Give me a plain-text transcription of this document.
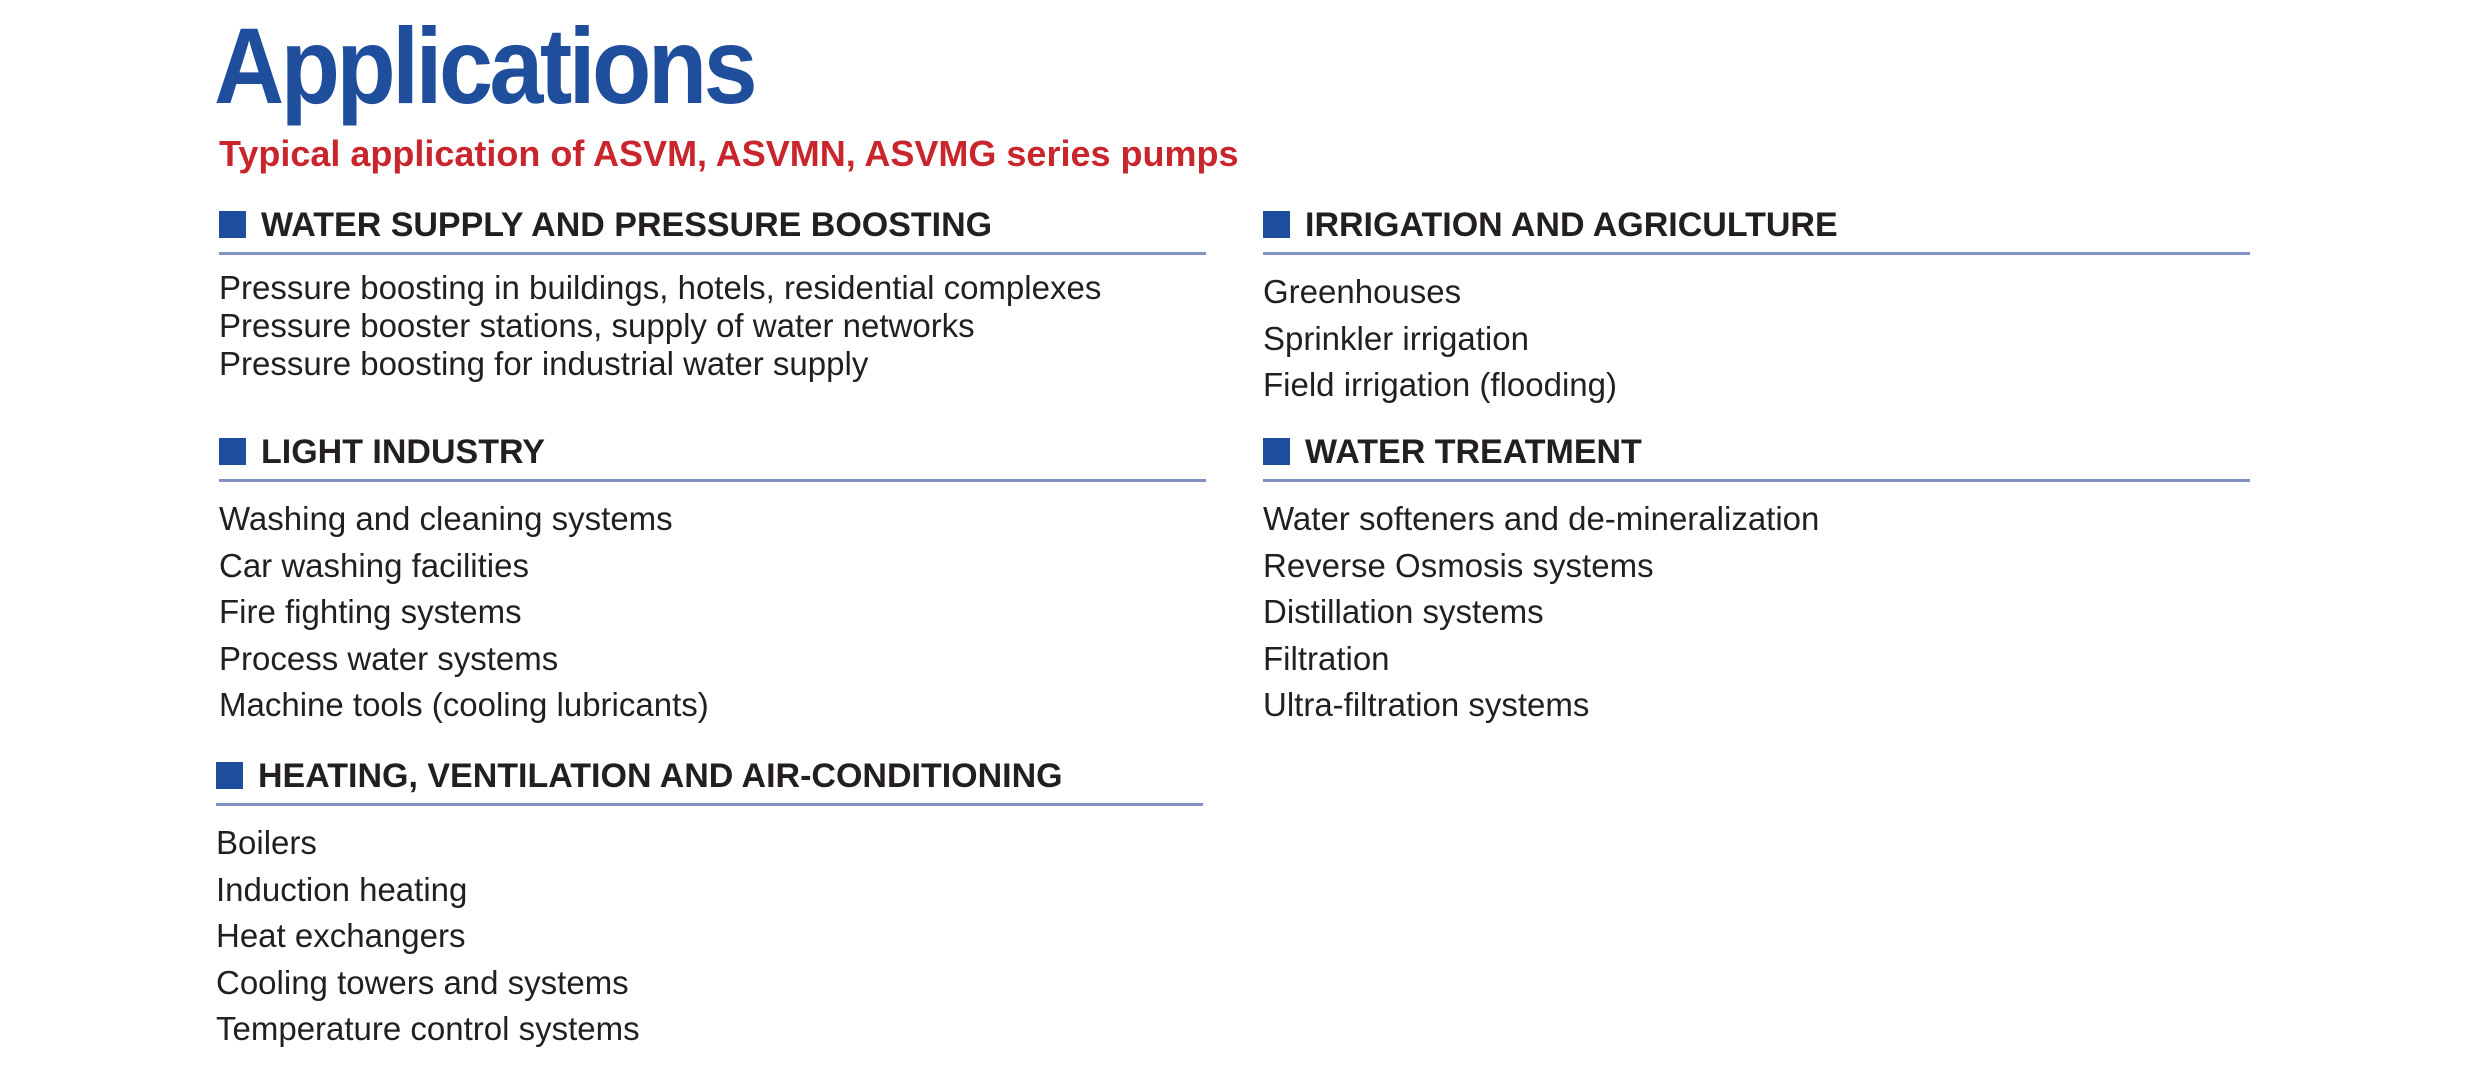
Applications

Typical application of ASVM, ASVMN, ASVMG series pumps

WATER SUPPLY AND PRESSURE BOOSTING
Pressure boosting in buildings, hotels, residential complexes
Pressure booster stations, supply of water networks
Pressure boosting for industrial water supply
LIGHT INDUSTRY
Washing and cleaning systems
Car washing facilities
Fire fighting systems
Process water systems
Machine tools (cooling lubricants)
HEATING, VENTILATION AND AIR-CONDITIONING
Boilers
Induction heating
Heat exchangers
Cooling towers and systems
Temperature control systems
IRRIGATION AND AGRICULTURE
Greenhouses
Sprinkler irrigation
Field irrigation (flooding)
WATER TREATMENT
Water softeners and de-mineralization
Reverse Osmosis systems
Distillation systems
Filtration
Ultra-filtration systems
